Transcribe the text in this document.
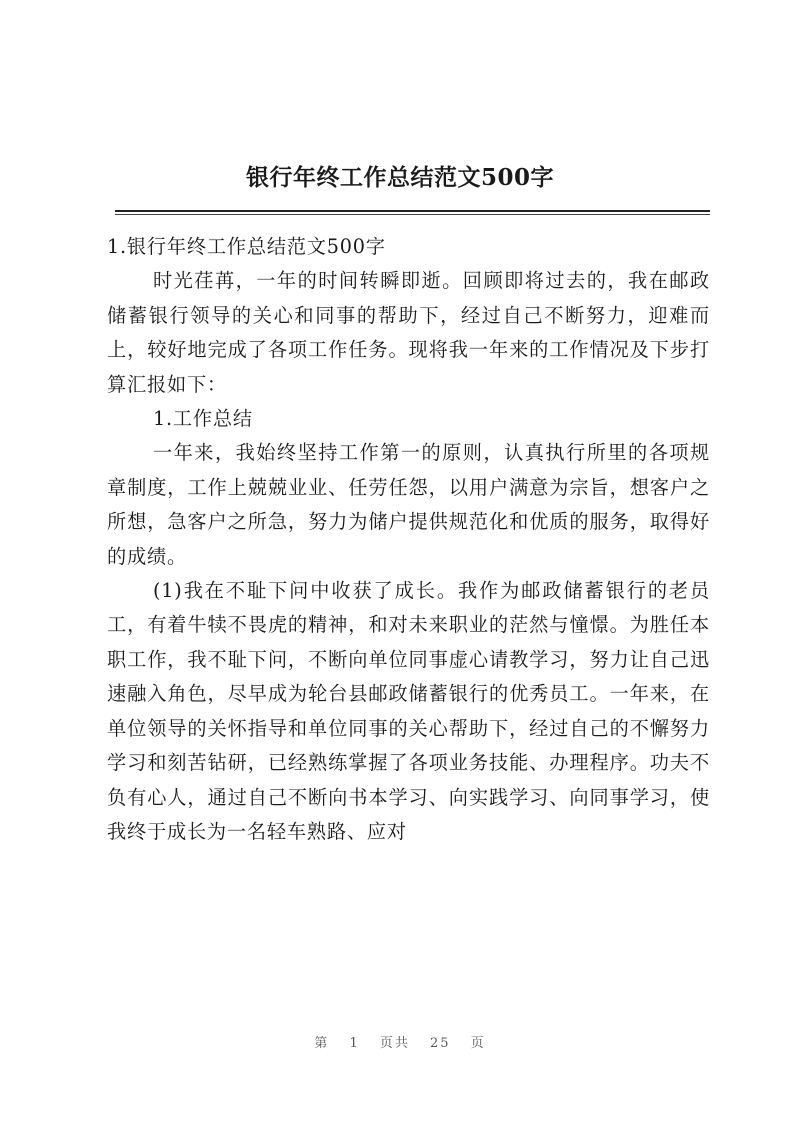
银行年终工作总结范文500字

1.银行年终工作总结范文500字

时光荏苒，一年的时间转瞬即逝。回顾即将过去的，我在邮政储蓄银行领导的关心和同事的帮助下，经过自己不断努力，迎难而上，较好地完成了各项工作任务。现将我一年来的工作情况及下步打算汇报如下：

1.工作总结

一年来，我始终坚持工作第一的原则，认真执行所里的各项规章制度，工作上兢兢业业、任劳任怨，以用户满意为宗旨，想客户之所想，急客户之所急，努力为储户提供规范化和优质的服务，取得好的成绩。

(1)我在不耻下问中收获了成长。我作为邮政储蓄银行的老员工，有着牛犊不畏虎的精神，和对未来职业的茫然与憧憬。为胜任本职工作，我不耻下问，不断向单位同事虚心请教学习，努力让自己迅速融入角色，尽早成为轮台县邮政储蓄银行的优秀员工。一年来，在单位领导的关怀指导和单位同事的关心帮助下，经过自己的不懈努力学习和刻苦钻研，已经熟练掌握了各项业务技能、办理程序。功夫不负有心人，通过自己不断向书本学习、向实践学习、向同事学习，使我终于成长为一名轻车熟路、应对

第 1 页共 25 页
